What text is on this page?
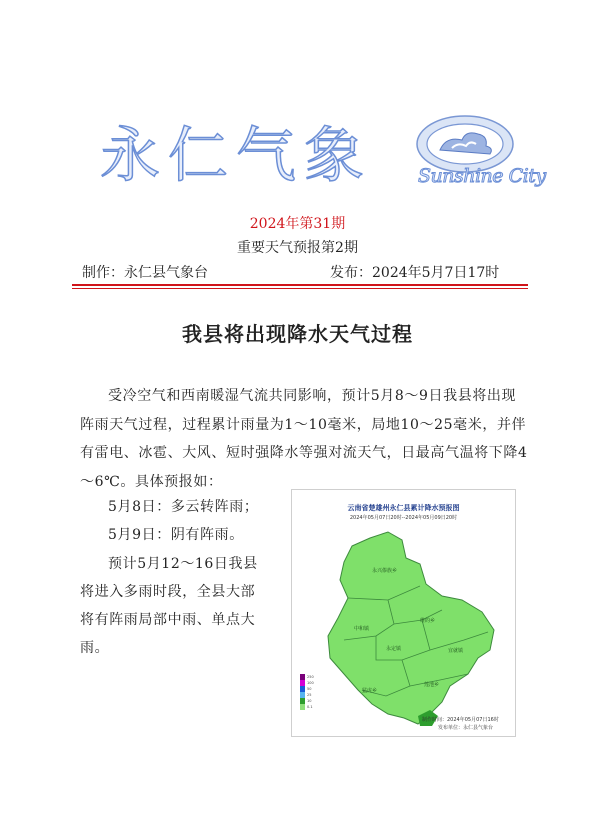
永仁气象 Sunshine City
2024年第31期
重要天气预报第2期
制作：永仁县气象台	发布：2024年5月7日17时
我县将出现降水天气过程
受冷空气和西南暖湿气流共同影响，预计5月8～9日我县将出现阵雨天气过程，过程累计雨量为1～10毫米，局地10～25毫米，并伴有雷电、冰雹、大风、短时强降水等强对流天气，日最高气温将下降4～6℃。具体预报如：
5月8日：多云转阵雨；
5月9日：阴有阵雨。
预计5月12～16日我县
将进入多雨时段，全县大部
将有阵雨局部中雨、单点大
雨。
云南省楚雄州永仁县累计降水预报图
2024年05月07日20时--2024年05月09日20时
永兴傣族乡
维的乡
中和镇
宜就镇
永定镇
猛虎乡
莲池乡
250
100
50
25
10
0.1
制作时间：2024年05月07日16时
发布单位：永仁县气象台
